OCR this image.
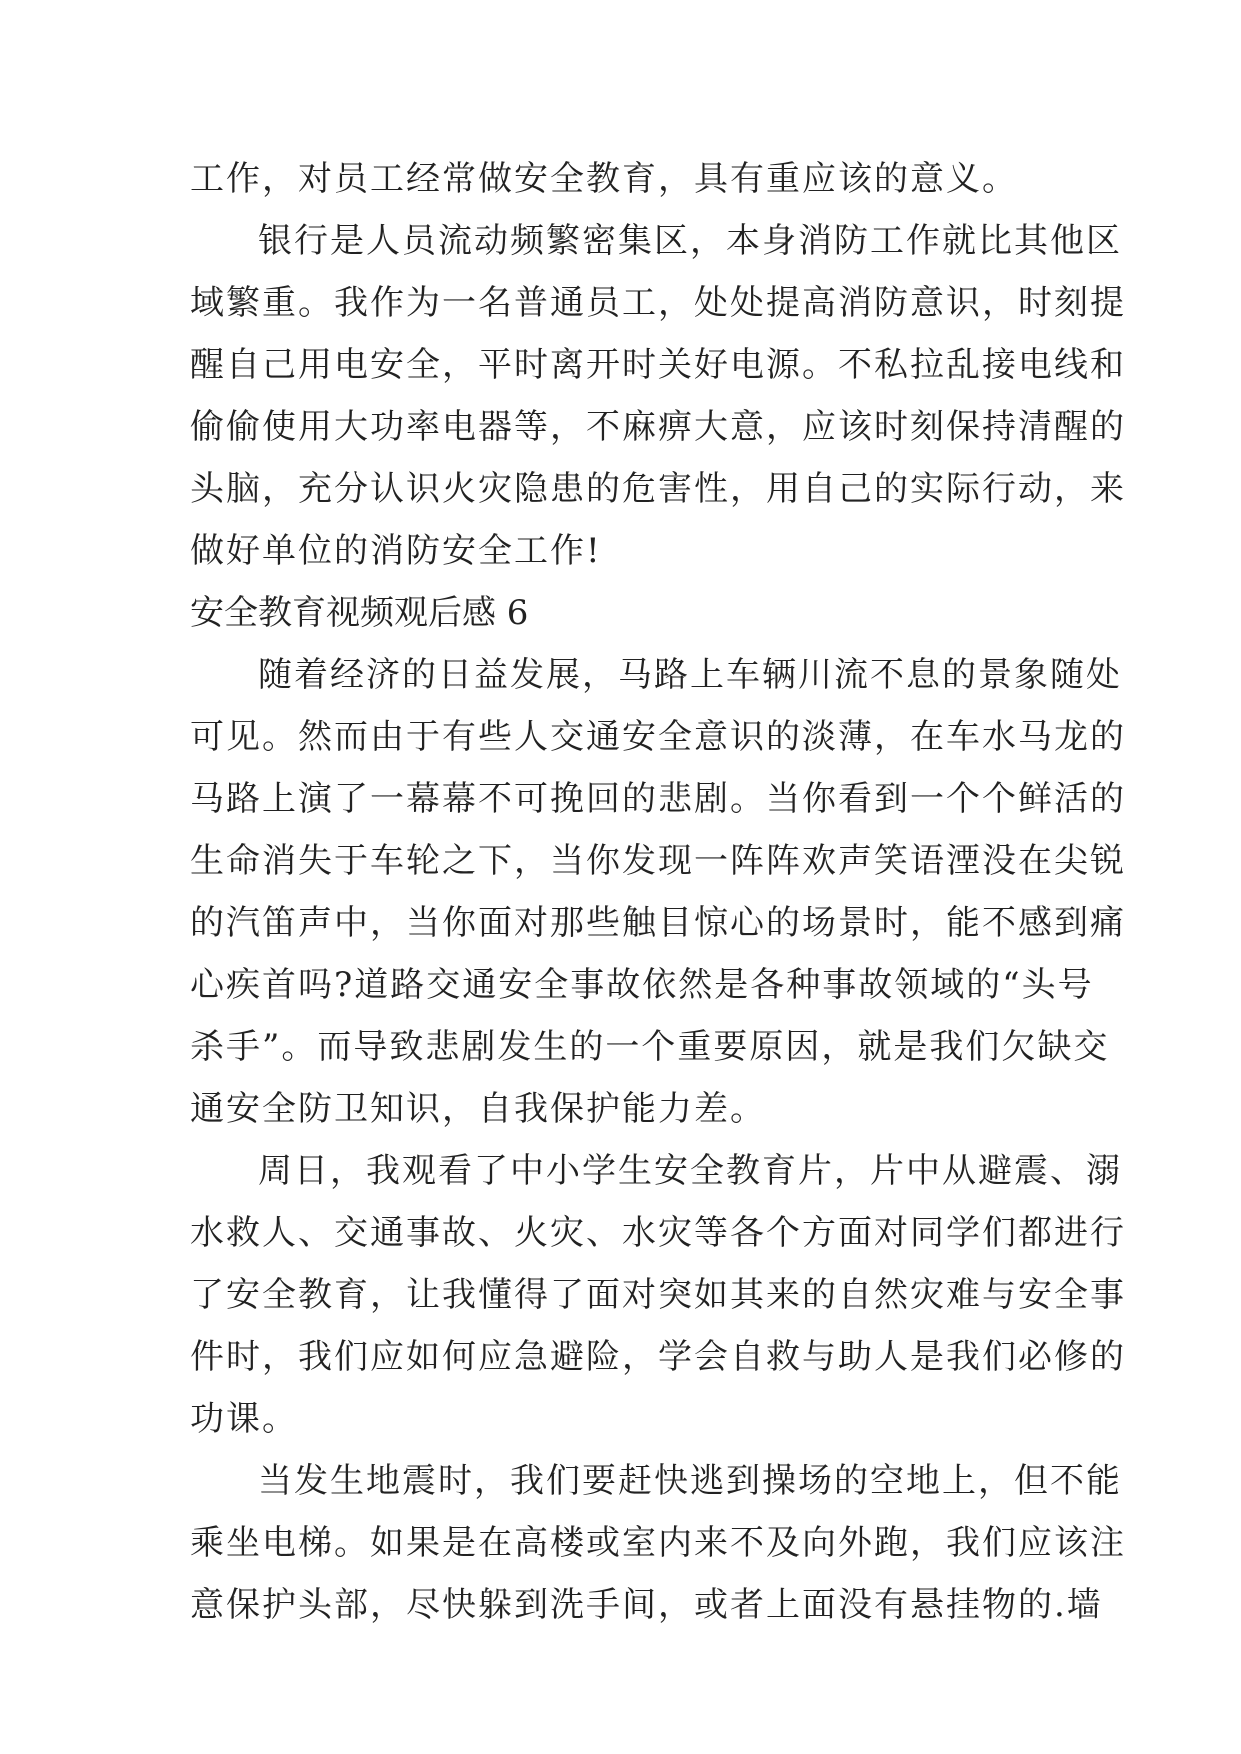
工作，对员工经常做安全教育，具有重应该的意义。
银行是人员流动频繁密集区，本身消防工作就比其他区
域繁重。我作为一名普通员工，处处提高消防意识，时刻提
醒自己用电安全，平时离开时关好电源。不私拉乱接电线和
偷偷使用大功率电器等，不麻痹大意，应该时刻保持清醒的
头脑，充分认识火灾隐患的危害性，用自己的实际行动，来
做好单位的消防安全工作!
安全教育视频观后感 6
随着经济的日益发展，马路上车辆川流不息的景象随处
可见。然而由于有些人交通安全意识的淡薄，在车水马龙的
马路上演了一幕幕不可挽回的悲剧。当你看到一个个鲜活的
生命消失于车轮之下，当你发现一阵阵欢声笑语湮没在尖锐
的汽笛声中，当你面对那些触目惊心的场景时，能不感到痛
心疾首吗?道路交通安全事故依然是各种事故领域的“头号
杀手”。而导致悲剧发生的一个重要原因，就是我们欠缺交
通安全防卫知识，自我保护能力差。
周日，我观看了中小学生安全教育片，片中从避震、溺
水救人、交通事故、火灾、水灾等各个方面对同学们都进行
了安全教育，让我懂得了面对突如其来的自然灾难与安全事
件时，我们应如何应急避险，学会自救与助人是我们必修的
功课。
当发生地震时，我们要赶快逃到操场的空地上，但不能
乘坐电梯。如果是在高楼或室内来不及向外跑，我们应该注
意保护头部，尽快躲到洗手间，或者上面没有悬挂物的.墙
